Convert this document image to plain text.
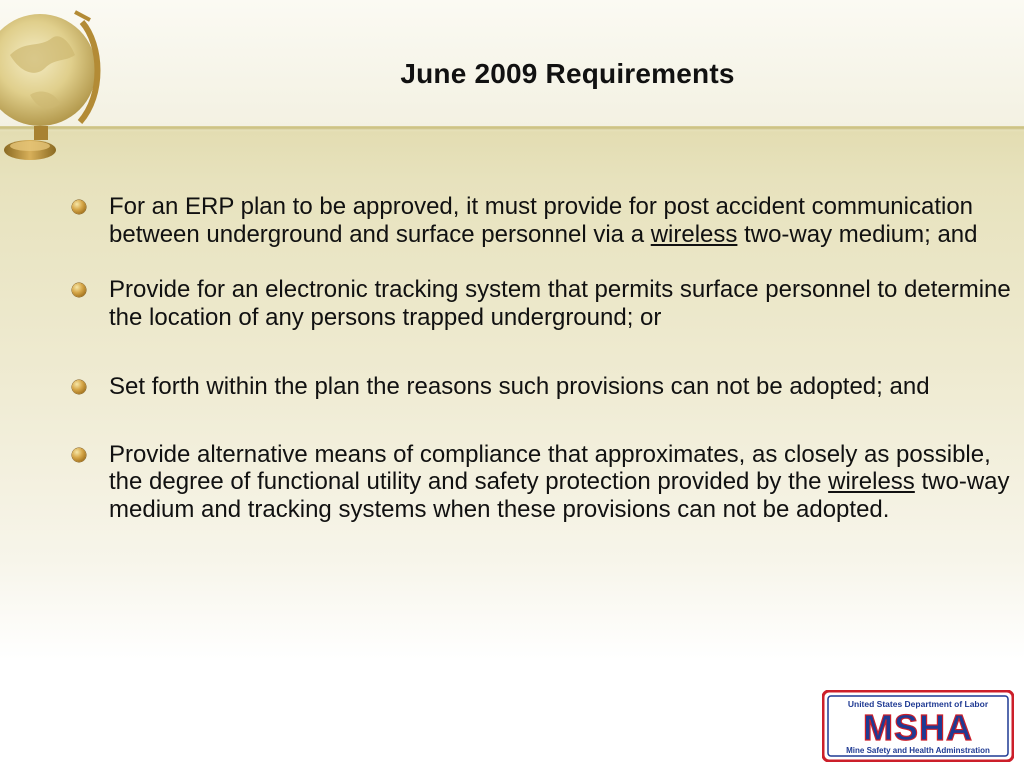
June 2009 Requirements
For an ERP plan to be approved, it must provide for post accident communication between underground and surface personnel via a wireless two-way medium; and
Provide for an electronic tracking system that permits surface personnel to determine the location of any persons trapped underground; or
Set forth within the plan the reasons such provisions can not be adopted; and
Provide alternative means of compliance that approximates, as closely as possible, the degree of functional utility and safety protection provided by the wireless two-way medium and tracking systems when these provisions can not be adopted.
United States Department of Labor
MSHA
Mine Safety and Health Adminstration
